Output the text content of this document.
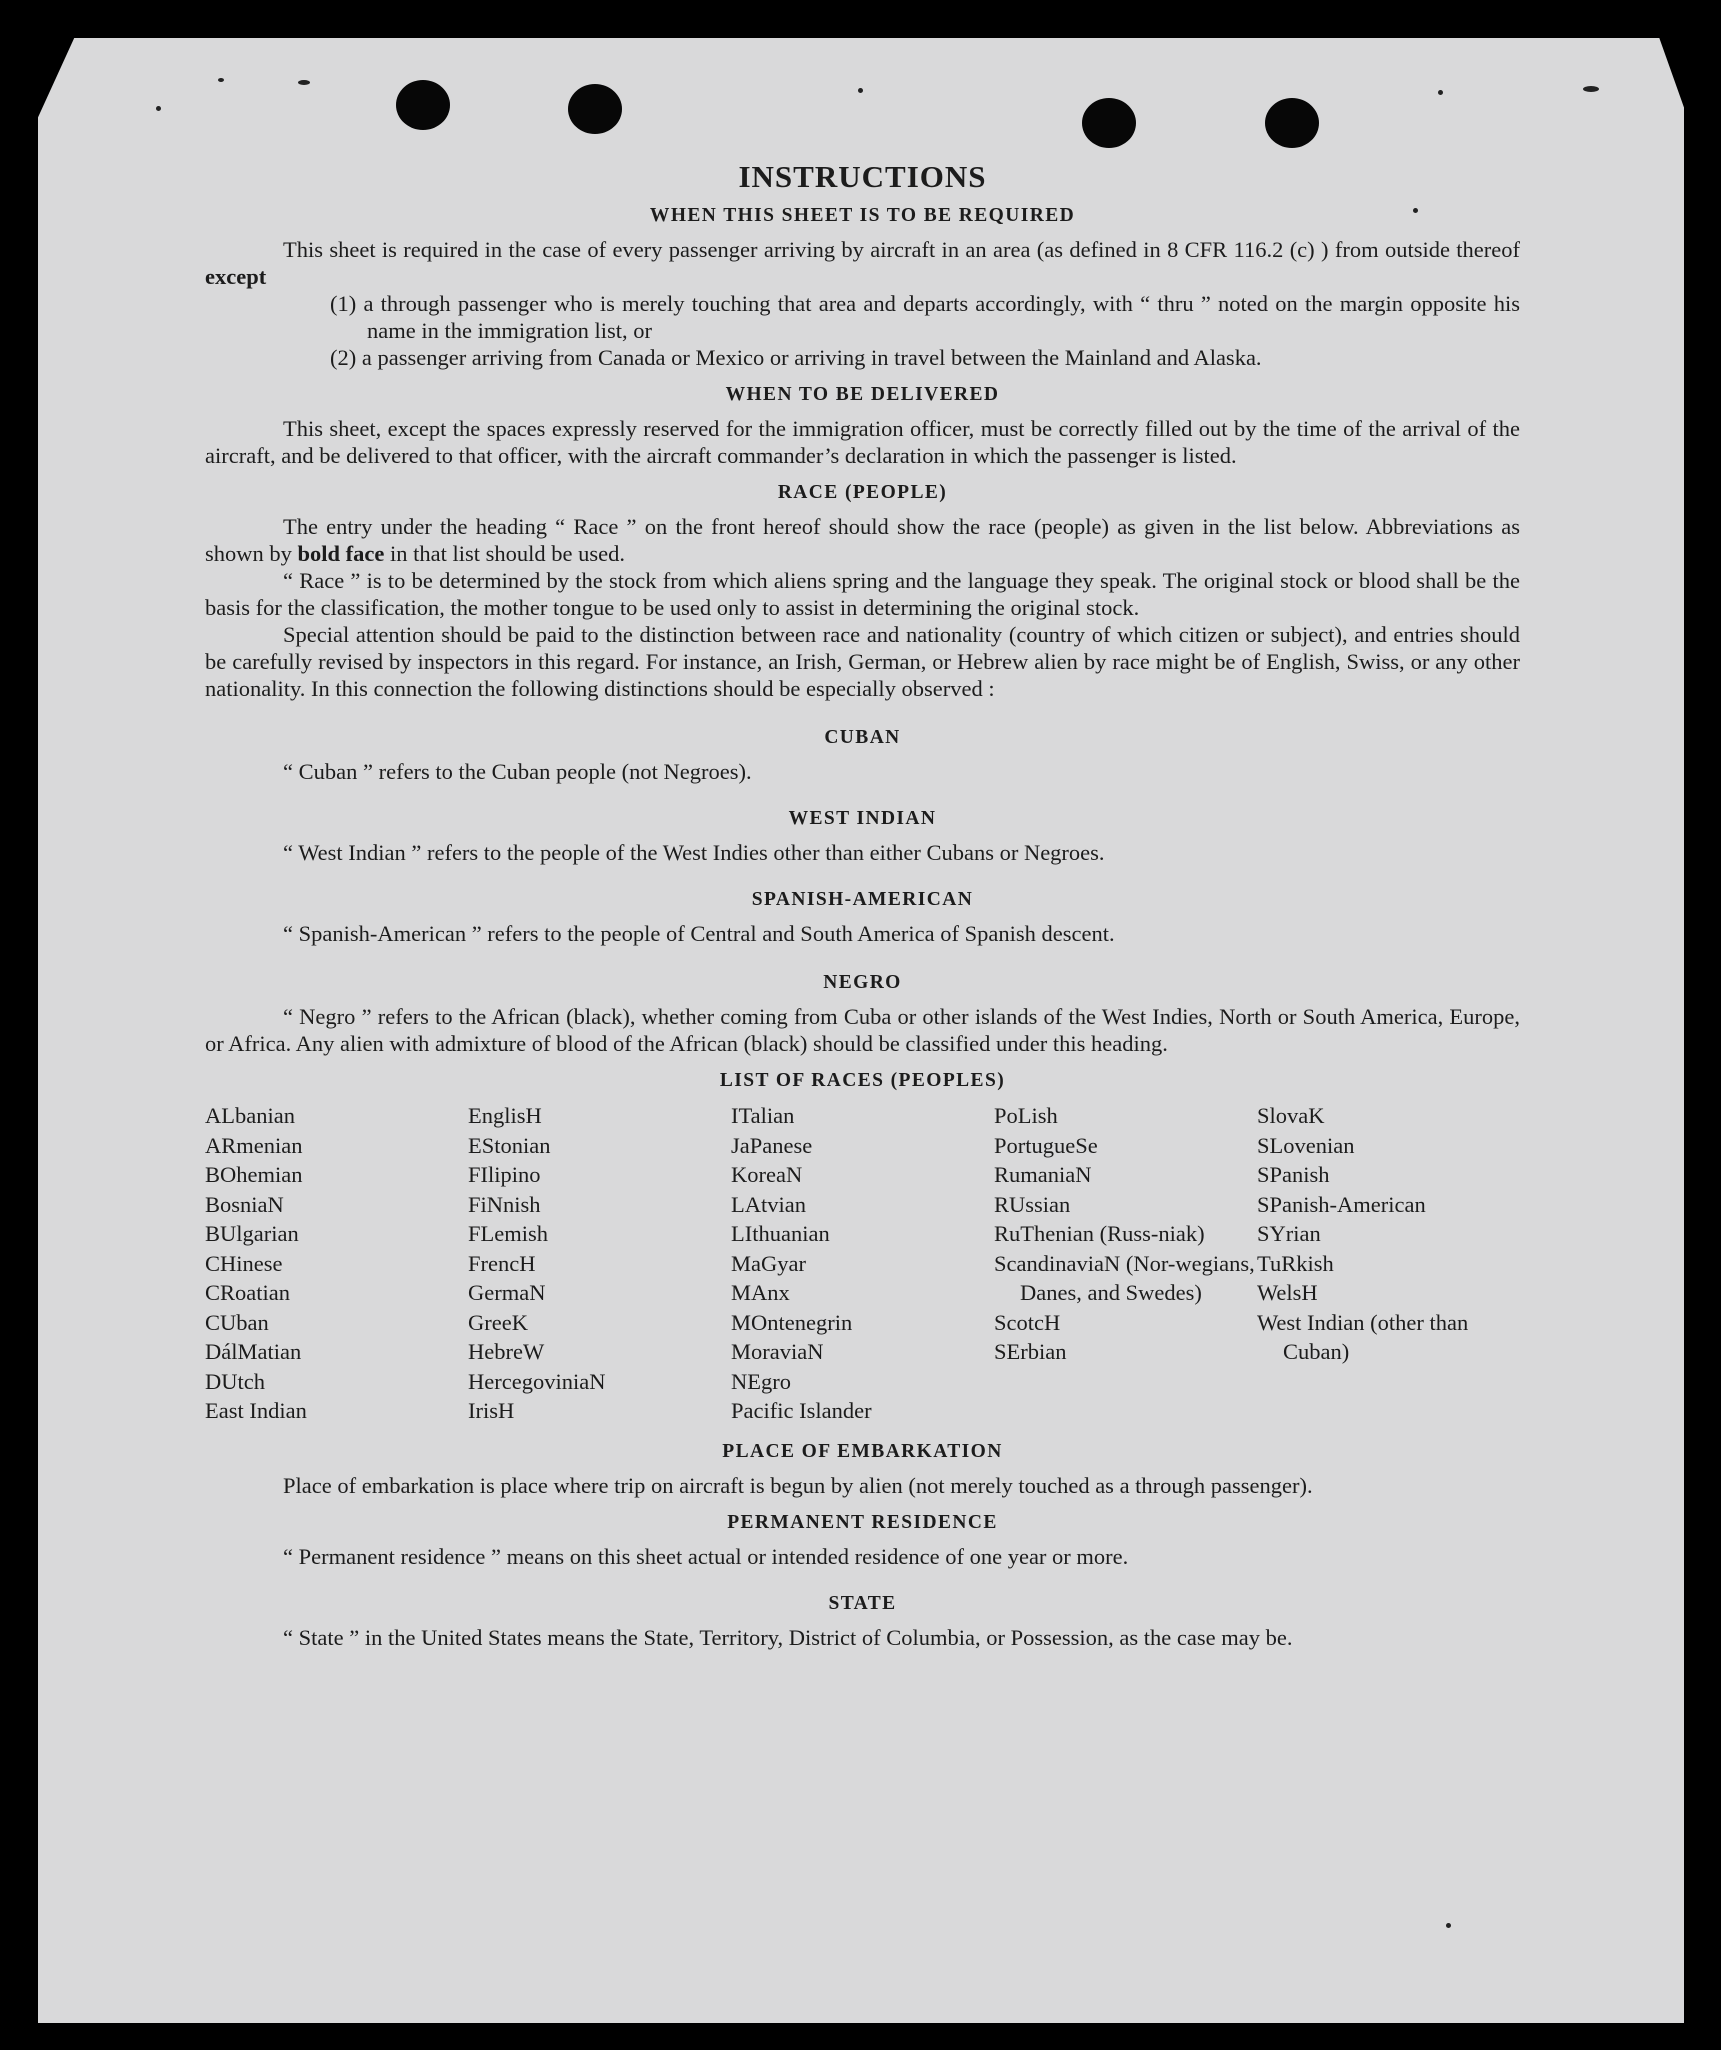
INSTRUCTIONS
WHEN THIS SHEET IS TO BE REQUIRED

This sheet is required in the case of every passenger arriving by aircraft in an area (as defined in 8 CFR 116.2 (c) ) from outside thereof except

(1) a through passenger who is merely touching that area and departs accordingly, with “ thru ” noted on the margin opposite his name in the immigration list, or

(2) a passenger arriving from Canada or Mexico or arriving in travel between the Mainland and Alaska.

WHEN TO BE DELIVERED

This sheet, except the spaces expressly reserved for the immigration officer, must be correctly filled out by the time of the arrival of the aircraft, and be delivered to that officer, with the aircraft commander’s declaration in which the passenger is listed.

RACE (PEOPLE)

The entry under the heading “ Race ” on the front hereof should show the race (people) as given in the list below. Abbreviations as shown by bold face in that list should be used.

“ Race ” is to be determined by the stock from which aliens spring and the language they speak. The original stock or blood shall be the basis for the classification, the mother tongue to be used only to assist in determining the original stock.

Special attention should be paid to the distinction between race and nationality (country of which citizen or subject), and entries should be carefully revised by inspectors in this regard. For instance, an Irish, German, or Hebrew alien by race might be of English, Swiss, or any other nationality. In this connection the following distinctions should be especially observed :

CUBAN

“ Cuban ” refers to the Cuban people (not Negroes).

WEST INDIAN

“ West Indian ” refers to the people of the West Indies other than either Cubans or Negroes.

SPANISH-AMERICAN

“ Spanish-American ” refers to the people of Central and South America of Spanish descent.

NEGRO

“ Negro ” refers to the African (black), whether coming from Cuba or other islands of the West Indies, North or South America, Europe, or Africa. Any alien with admixture of blood of the African (black) should be classified under this heading.

LIST OF RACES (PEOPLES)
ALbanian
ARmenian
BOhemian
BosniaN
BUlgarian
CHinese
CRoatian
CUban
DálMatian
DUtch
East Indian
EnglisH
EStonian
FIlipino
FiNnish
FLemish
FrencH
GermaN
GreeK
HebreW
HercegoviniaN
IrisH
ITalian
JaPanese
KoreaN
LAtvian
LIthuanian
MaGyar
MAnx
MOntenegrin
MoraviaN
NEgro
Pacific Islander
PoLish
PortugueSe
RumaniaN
RUssian
RuThenian (Russ-niak)
ScandinaviaN (Nor-wegians, Danes, and Swedes)
ScotcH
SErbian
SlovaK
SLovenian
SPanish
SPanish-American
SYrian
TuRkish
WelsH
West Indian (other than Cuban)
PLACE OF EMBARKATION

Place of embarkation is place where trip on aircraft is begun by alien (not merely touched as a through passenger).

PERMANENT RESIDENCE

“ Permanent residence ” means on this sheet actual or intended residence of one year or more.

STATE

“ State ” in the United States means the State, Territory, District of Columbia, or Possession, as the case may be.
